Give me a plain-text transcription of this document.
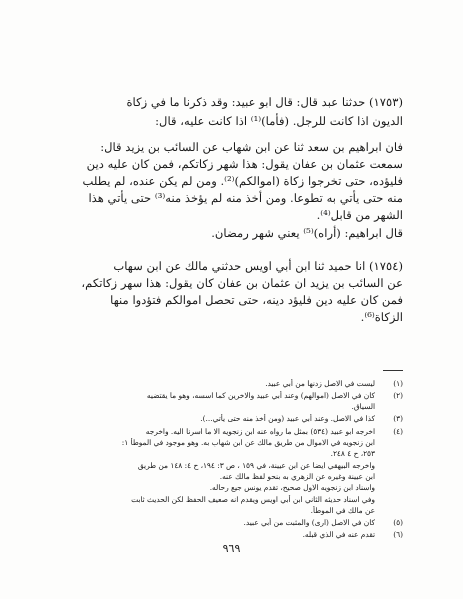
(١٧٥٣) حدثنا عبد قال: قال ابو عبيد: وقد ذكرنا ما في زكاة
الديون اذا كانت للرجل. (فأما)⁽¹⁾ اذا كانت عليه، قال:
فان ابراهيم بن سعد ثنا عن ابن شهاب عن السائب بن يزيد قال:
سمعت عثمان بن عفان يقول: هذا شهر زكاتكم، فمن كان عليه دين
فليؤده، حتى تخرجوا زكاة (اموالكم)⁽²⁾. ومن لم يكن عنده، لم يطلب
منه حتى يأتي به تطوعا. ومن أخذ منه لم يؤخذ منه⁽³⁾ حتى يأتي هذا
الشهر من قابل⁽⁴⁾.
قال ابراهيم: (أراه)⁽⁵⁾ يعني شهر رمضان.
(١٧٥٤) انا حميد ثنا ابن أبي اويس حدثني مالك عن ابن سهاب
عن السائب بن يزيد ان عثمان بن عفان كان يقول: هذا سهر زكاتكم،
فمن كان عليه دين فليؤد دينه، حتى تحصل اموالكم فتؤدوا منها
الزكاة⁽⁶⁾.
(١)
ليست في الاصل زدنها من أبي عبيد.
(٢)
كان في الاصل (اموالهم) وعند أبي عبيد والاخرين كما اسسه، وهو ما يقتضيه
السياق.
(٣)
كذا في الاصل. وعند أبي عبيد (ومن أخذ منه حتى يأتي...).
(٤)
اخرجه ابو عبيد (٥٣٤) بمثل ما رواه عنه ابن زنجويه الا ما اسرنا اليه. واخرجه
ابن زنجويه في الاموال من طريق مالك عن ابن شهاب به. وهو موجود في الموطأ ١:
٢٥٣، ح ٤ ٢٤٨.
واخرجه البيهقي ايضا عن ابن عيينة، في ١٥٩ ، ص ٣: ١٩٤، ح ٤: ١٤٨ من طريق
ابن عيينة وغيره عن الزهري به بنحو لفظ مالك عنه.
واسناد ابن زنجويه الاول صحيح، تقدم يونس جيع رحاله.
وفي اسناد حديثه الثاني ابن أبي اويس ويقدم انه صعيف الحفظ لكن الحديث ثابت
عن مالك في الموطأ.
(٥)
كان في الاصل (ارى) والمثبت من أبي عبيد.
(٦)
تقدم عنه في الذي قبله.
٩٦٩
